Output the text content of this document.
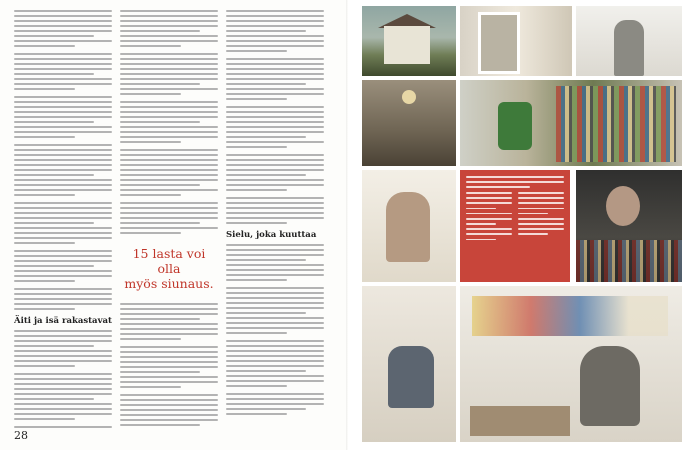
Äiti ja isä rakastavat
15 lasta voi olla
myös siunaus.
Sielu, joka kuuttaa
28
